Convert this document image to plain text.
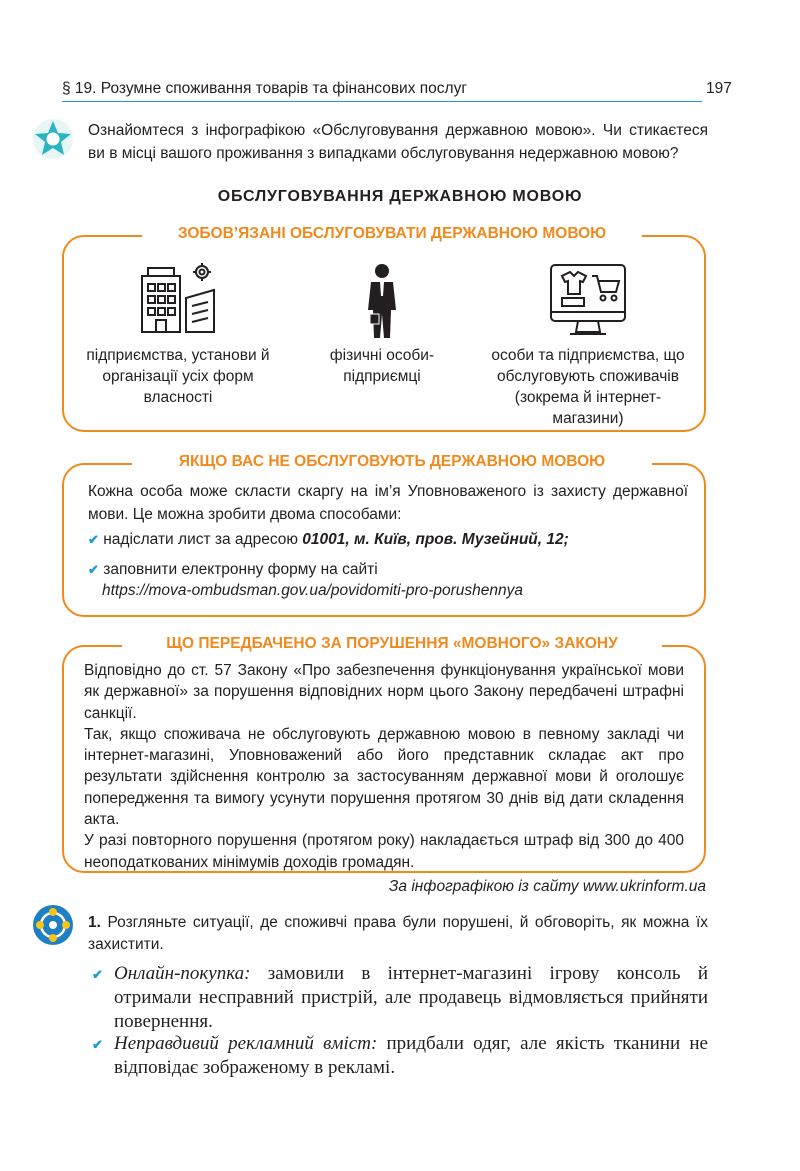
§ 19. Розумне споживання товарів та фінансових послуг	197
Ознайомтеся з інфографікою «Обслуговування державною мовою». Чи стикаєтеся ви в місці вашого проживання з випадками обслуговування недержавною мовою?
ОБСЛУГОВУВАННЯ ДЕРЖАВНОЮ МОВОЮ
ЗОБОВ’ЯЗАНІ ОБСЛУГОВУВАТИ ДЕРЖАВНОЮ МОВОЮ
підприємства, установи й організації усіх форм власності
фізичні особи-підприємці
особи та підприємства, що обслуговують споживачів (зокрема й інтернет-магазини)
ЯКЩО ВАС НЕ ОБСЛУГОВУЮТЬ ДЕРЖАВНОЮ МОВОЮ
Кожна особа може скласти скаргу на ім’я Уповноваженого із захисту державної мови. Це можна зробити двома способами:
✔ надіслати лист за адресою 01001, м. Київ, пров. Музейний, 12;
✔ заповнити електронну форму на сайті
https://mova-ombudsman.gov.ua/povidomiti-pro-porushennya
ЩО ПЕРЕДБАЧЕНО ЗА ПОРУШЕННЯ «МОВНОГО» ЗАКОНУ

Відповідно до ст. 57 Закону «Про забезпечення функціонування української мови як державної» за порушення відповідних норм цього Закону передбачені штрафні санкції.

Так, якщо споживача не обслуговують державною мовою в певному закладі чи інтернет-магазині, Уповноважений або його представник складає акт про результати здійснення контролю за застосуванням державної мови й оголошує попередження та вимогу усунути порушення протягом 30 днів від дати складення акта.

У разі повторного порушення (протягом року) накладається штраф від 300 до 400 неоподаткованих мінімумів доходів громадян.

За інфографікою із сайту www.ukrinform.ua
1. Розгляньте ситуації, де споживчі права були порушені, й обговоріть, як можна їх захистити.
✔ Онлайн-покупка: замовили в інтернет-магазині ігрову консоль й отримали несправний пристрій, але продавець відмовляється прийняти повернення.
✔ Неправдивий рекламний вміст: придбали одяг, але якість тканини не відповідає зображеному в рекламі.
